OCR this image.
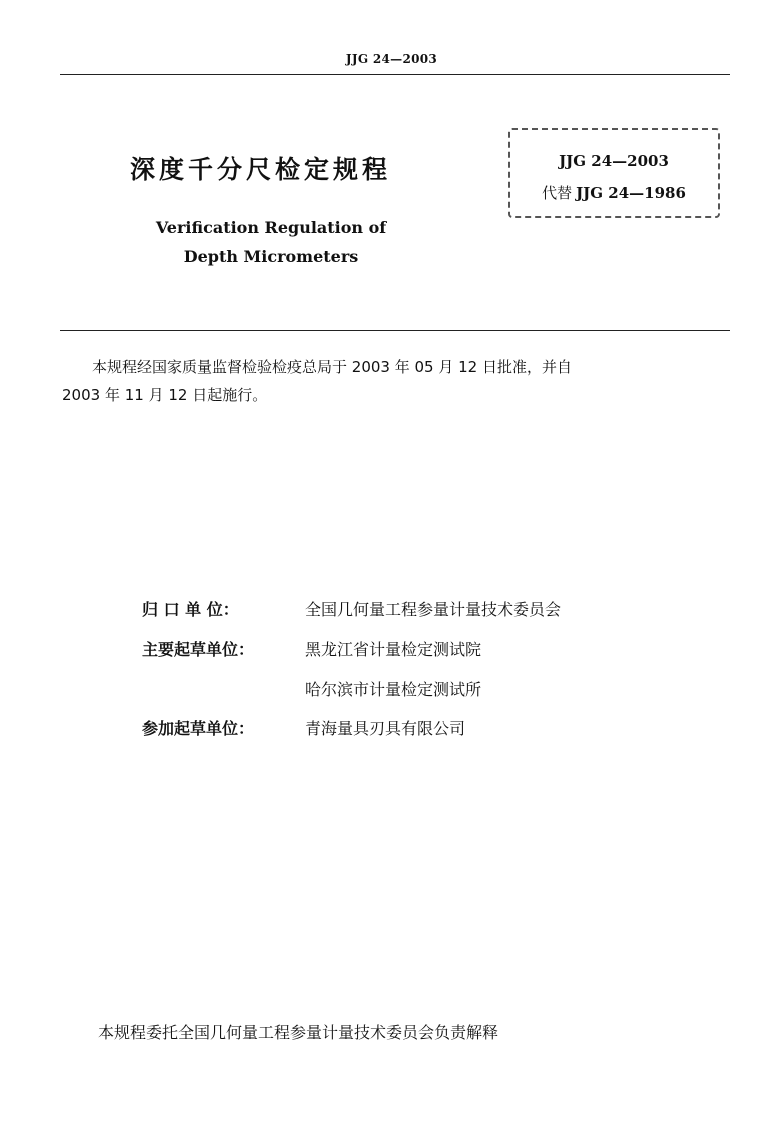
JJG 24—2003
深度千分尺检定规程
Verification Regulation of
Depth Micrometers
JJG 24—2003
代替 JJG 24—1986
本规程经国家质量监督检验检疫总局于 2003 年 05 月 12 日批准，并自
2003 年 11 月 12 日起施行。
归 口 单 位：	全国几何量工程参量计量技术委员会
主要起草单位：	黑龙江省计量检定测试院
哈尔滨市计量检定测试所
参加起草单位：	青海量具刃具有限公司
本规程委托全国几何量工程参量计量技术委员会负责解释
